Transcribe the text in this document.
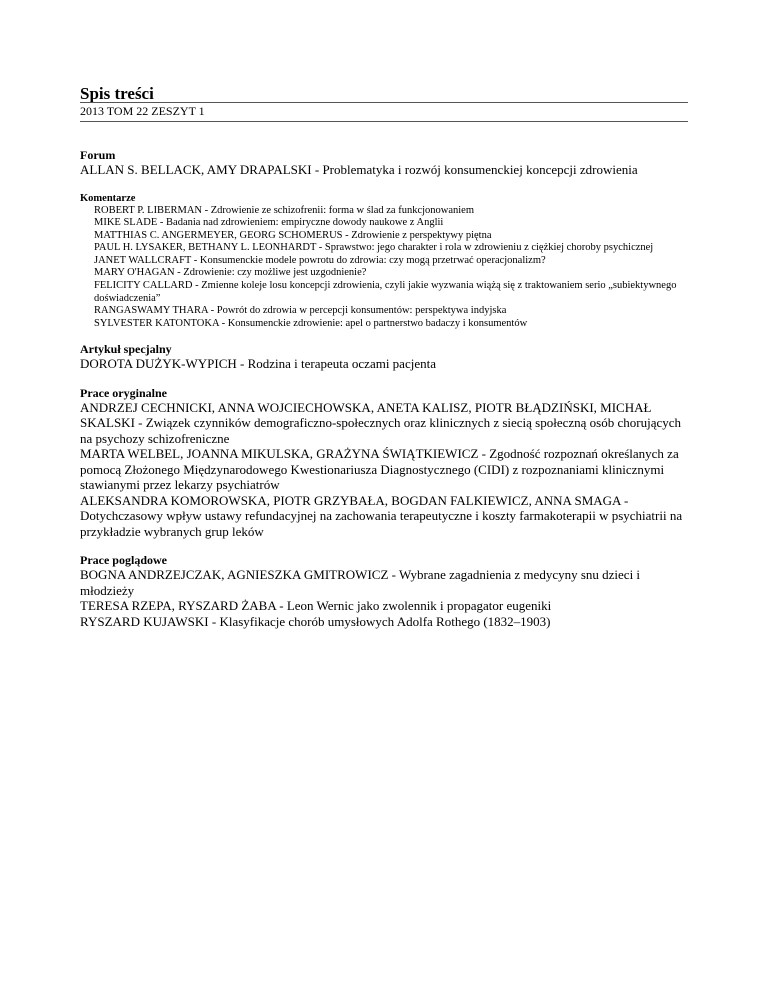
Spis treści
2013 TOM 22 ZESZYT 1
Forum
ALLAN S. BELLACK, AMY DRAPALSKI - Problematyka i rozwój konsumenckiej koncepcji zdrowienia
Komentarze
ROBERT P. LIBERMAN - Zdrowienie ze schizofrenii: forma w ślad za funkcjonowaniem
MIKE SLADE - Badania nad zdrowieniem: empiryczne dowody naukowe z Anglii
MATTHIAS C. ANGERMEYER, GEORG SCHOMERUS - Zdrowienie z perspektywy piętna
PAUL H. LYSAKER, BETHANY L. LEONHARDT - Sprawstwo: jego charakter i rola w zdrowieniu z ciężkiej choroby psychicznej
JANET WALLCRAFT - Konsumenckie modele powrotu do zdrowia: czy mogą przetrwać operacjonalizm?
MARY O'HAGAN - Zdrowienie: czy możliwe jest uzgodnienie?
FELICITY CALLARD - Zmienne koleje losu koncepcji zdrowienia, czyli jakie wyzwania wiążą się z traktowaniem serio „subiektywnego doświadczenia”
RANGASWAMY THARA - Powrót do zdrowia w percepcji konsumentów: perspektywa indyjska
SYLVESTER KATONTOKA - Konsumenckie zdrowienie: apel o partnerstwo badaczy i konsumentów
Artykuł specjalny
DOROTA DUŻYK-WYPICH - Rodzina i terapeuta oczami pacjenta
Prace oryginalne
ANDRZEJ CECHNICKI, ANNA WOJCIECHOWSKA, ANETA KALISZ, PIOTR BŁĄDZIŃSKI, MICHAŁ SKALSKI - Związek czynników demograficzno-społecznych oraz klinicznych z siecią społeczną osób chorujących na psychozy schizofreniczne
MARTA WELBEL, JOANNA MIKULSKA, GRAŻYNA ŚWIĄTKIEWICZ - Zgodność rozpoznań określanych za pomocą Złożonego Międzynarodowego Kwestionariusza Diagnostycznego (CIDI) z rozpoznaniami klinicznymi stawianymi przez lekarzy psychiatrów
ALEKSANDRA KOMOROWSKA, PIOTR GRZYBAŁA, BOGDAN FALKIEWICZ, ANNA SMAGA - Dotychczasowy wpływ ustawy refundacyjnej na zachowania terapeutyczne i koszty farmakoterapii w psychiatrii na przykładzie wybranych grup leków
Prace poglądowe
BOGNA ANDRZEJCZAK, AGNIESZKA GMITROWICZ - Wybrane zagadnienia z medycyny snu dzieci i młodzieży
TERESA RZEPA, RYSZARD ŻABA - Leon Wernic jako zwolennik i propagator eugeniki
RYSZARD KUJAWSKI - Klasyfikacje chorób umysłowych Adolfa Rothego (1832–1903)
